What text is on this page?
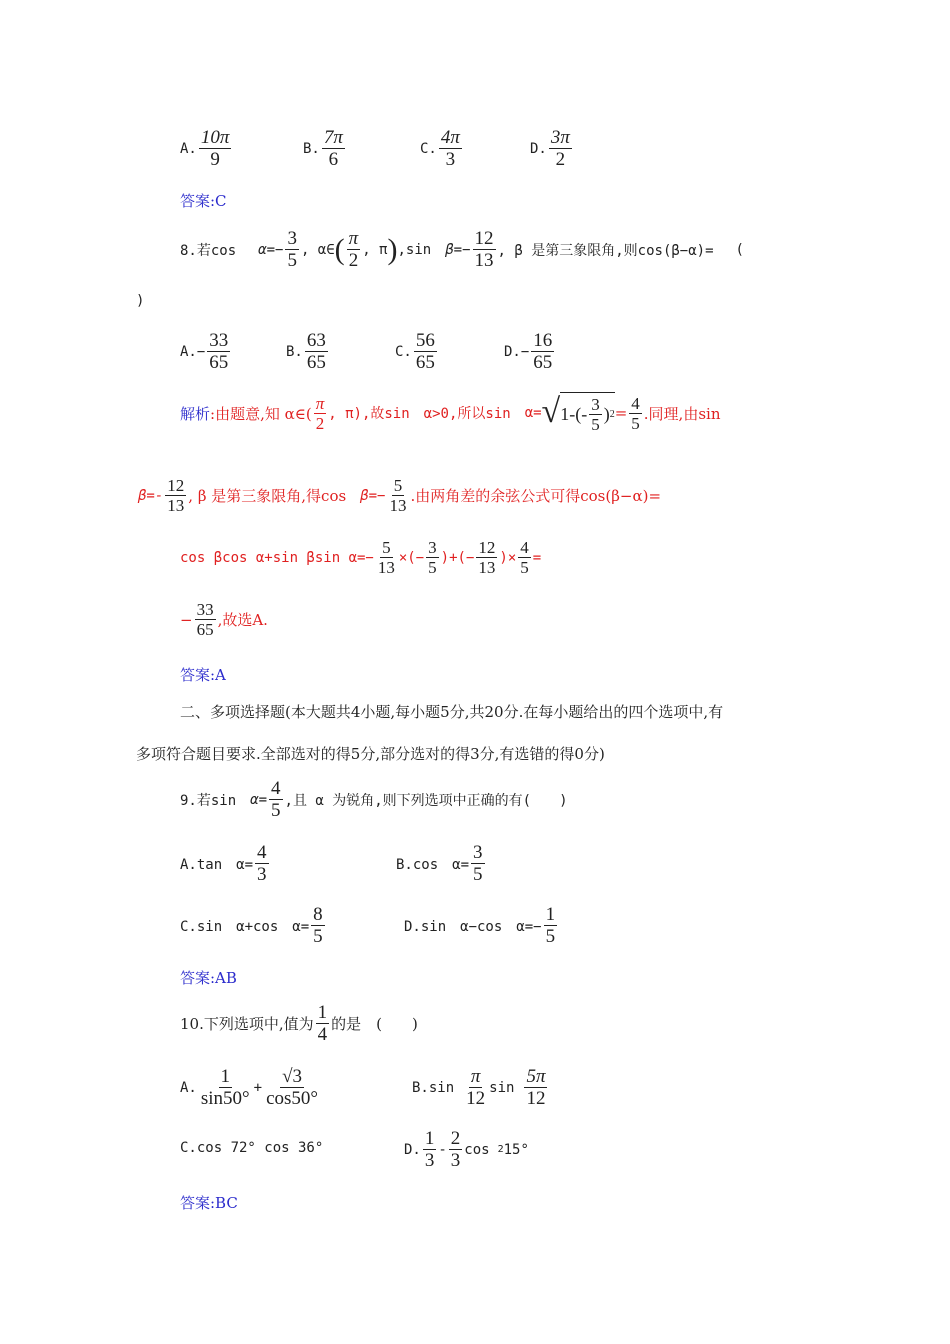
A. $\frac{10\pi}{9}$	B. $\frac{7\pi}{6}$	C. $\frac{4\pi}{3}$	D. $\frac{3\pi}{2}$
答案:C
8.若$\cos \alpha=- \frac{3}{5}$ , α∈ ( $\frac{\pi}{2}$ , π ) ,sin $\beta=- \frac{12}{13}$ , β 是第三象限角,则cos(β−α)= (
)
$A.- \frac{33}{65}$	B. $\frac{63}{65}$	C. $\frac{56}{65}$	$D.- \frac{16}{65}$
解析 :由题意,知 α∈( $\frac{\pi}{2}$ , π),故sin α>0,所以sin α= √ $1-(- \frac{3}{5}$ ) $2 = \frac{4}{5}$ .同理,由sin
$\beta=- \frac{12}{13}$ , β 是第三象限角,得$\cos \beta=- \frac{5}{13}$ .由两角差的余弦公式可得cos(β−α)=
cos βcos α+sin βsin $\alpha=- \frac{5}{13}$ ×(− $\frac{3}{5}$ )+(− $\frac{12}{13}$ )× $\frac{4}{5}$ =
− $\frac{33}{65}$ ,故选A.
答案:A
二、多项选择题(本大题共4小题,每小题5分,共20分.在每小题给出的四个选项中,有
多项符合题目要求.全部选对的得5分,部分选对的得3分,有选错的得0分)
9.若$\sin \alpha= \frac{4}{5}$ ,且 α 为锐角,则下列选项中正确的有(　　)
A.tan　$\alpha= \frac{4}{3}$	B.cos　$\alpha= \frac{3}{5}$
C.sin　α+cos　$\alpha= \frac{8}{5}$	D.sin　α−cos　$\alpha=- \frac{1}{5}$
答案:AB
10.下列选项中,值为 $\frac{1}{4}$ 的是　(　　)
A. $\frac{1}{\sin 50^\circ} + \frac{√3}{\cos 50^\circ}$	$B.\sin \frac{\pi}{12}$ $\sin \frac{5\pi}{12}$
C.cos 72° cos 36°	D. $\frac{1}{3} - \frac{2}{3}$ cos 2 15°
答案:BC
